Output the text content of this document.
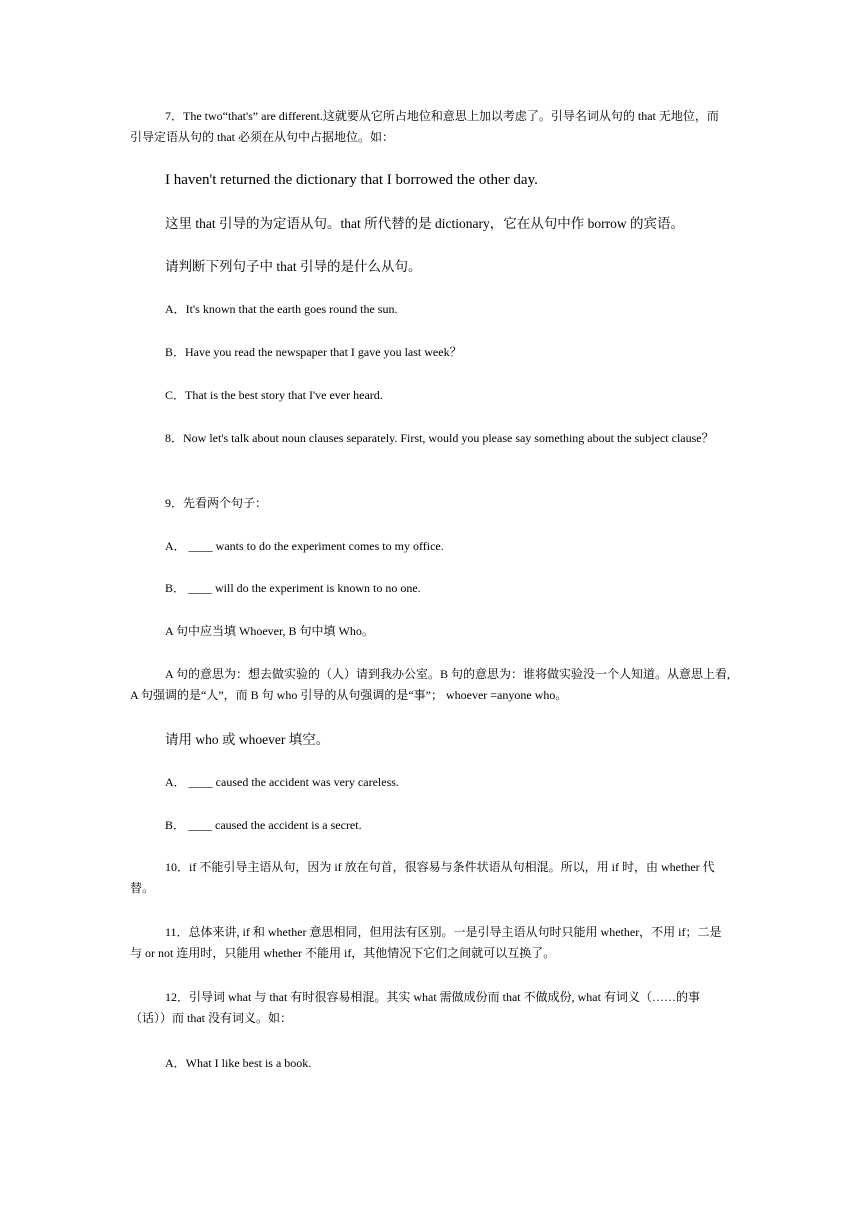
7．The two“that's” are different.这就要从它所占地位和意思上加以考虑了。引导名词从句的 that 无地位，而引导定语从句的 that 必须在从句中占据地位。如：
I haven't returned the dictionary that I borrowed the other day.
这里 that 引导的为定语从句。that 所代替的是 dictionary，它在从句中作 borrow 的宾语。
请判断下列句子中 that 引导的是什么从句。
A．It's known that the earth goes round the sun.
B．Have you read the newspaper that I gave you last week？
C．That is the best story that I've ever heard.
8．Now let's talk about noun clauses separately. First, would you please say something about the subject clause？
9．先看两个句子：
A． ____ wants to do the experiment comes to my office.
B． ____ will do the experiment is known to no one.
A 句中应当填 Whoever, B 句中填 Who。
A 句的意思为：想去做实验的（人）请到我办公室。B 句的意思为：谁将做实验没一个人知道。从意思上看, A 句强调的是“人”，而 B 句 who 引导的从句强调的是“事”； whoever =anyone who。
请用 who 或 whoever 填空。
A． ____ caused the accident was very careless.
B． ____ caused the accident is a secret.
10．if 不能引导主语从句，因为 if 放在句首，很容易与条件状语从句相混。所以，用 if 时，由 whether 代替。
11．总体来讲, if 和 whether 意思相同，但用法有区别。一是引导主语从句时只能用 whether，不用 if；二是与 or not 连用时，只能用 whether 不能用 if，其他情况下它们之间就可以互换了。
12．引导词 what 与 that 有时很容易相混。其实 what 需做成份而 that 不做成份, what 有词义（……的事（话））而 that 没有词义。如：
A．What I like best is a book.
